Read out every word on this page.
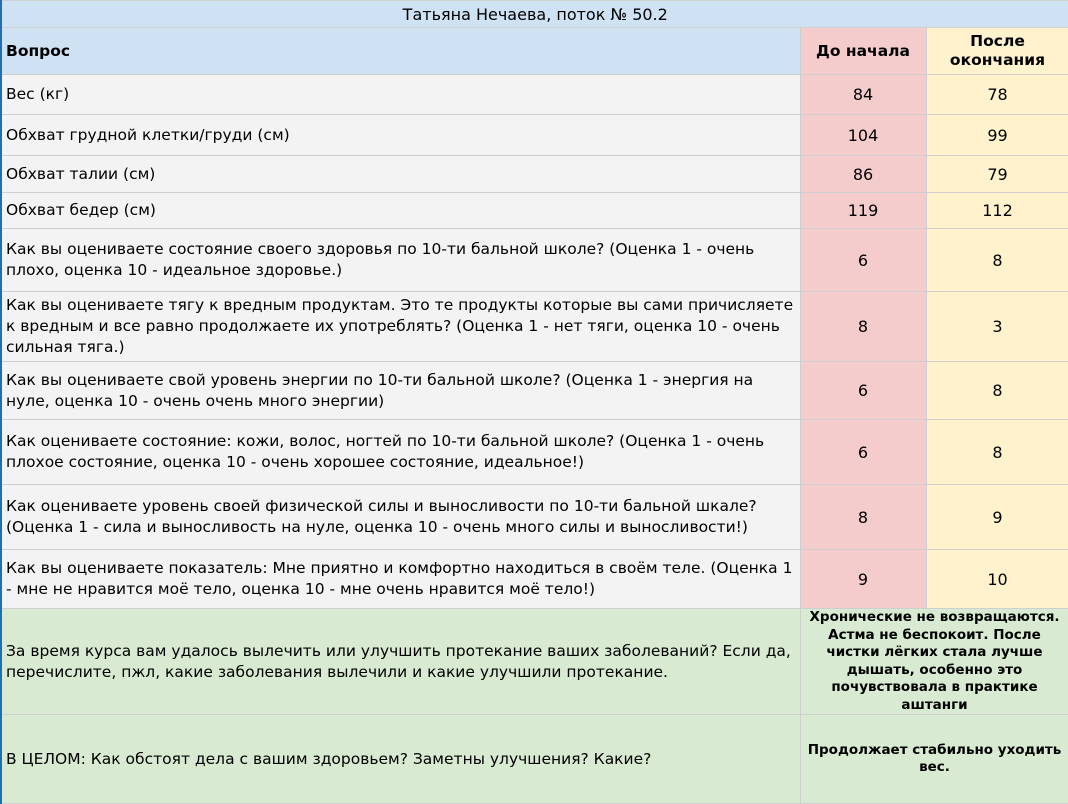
Татьяна Нечаева, поток № 50.2		
Вопрос	До начала	После окончания
Вес (кг)	84	78
Обхват грудной клетки/груди (см)	104	99
Обхват талии (см)	86	79
Обхват бедер (см)	119	112
Как вы оцениваете состояние своего здоровья по 10-ти бальной школе? (Оценка 1 - очень плохо, оценка 10 - идеальное здоровье.)	6	8
Как вы оцениваете тягу к вредным продуктам. Это те продукты которые вы сами причисляете к вредным и все равно продолжаете их употреблять? (Оценка 1 - нет тяги, оценка 10 - очень сильная тяга.)	8	3
Как вы оцениваете свой уровень энергии по 10-ти бальной школе? (Оценка 1 - энергия на нуле, оценка 10 - очень очень много энергии)	6	8
Как оцениваете состояние: кожи, волос, ногтей по 10-ти бальной школе? (Оценка 1 - очень плохое состояние, оценка 10 - очень хорошее состояние, идеальное!)	6	8
Как оцениваете уровень своей физической силы и выносливости по 10-ти бальной шкале? (Оценка 1 - сила и выносливость на нуле, оценка 10 - очень много силы и выносливости!)	8	9
Как вы оцениваете показатель: Мне приятно и комфортно находиться в своём теле. (Оценка 1 - мне не нравится моё тело, оценка 10 - мне очень нравится моё тело!)	9	10
За время курса вам удалось вылечить или улучшить протекание ваших заболеваний? Если да, перечислите, пжл, какие заболевания вылечили и какие улучшили протекание.	Хронические не возвращаются. Астма не беспокоит. После чистки лёгких стала лучше дышать, особенно это почувствовала в практике аштанги	
В ЦЕЛОМ: Как обстоят дела с вашим здоровьем? Заметны улучшения? Какие?	Продолжает стабильно уходить вес.	
